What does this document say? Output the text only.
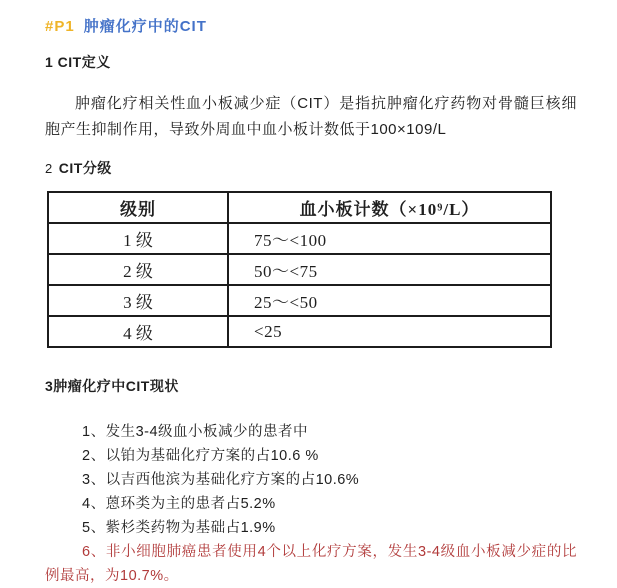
#P1 肿瘤化疗中的CIT
1 CIT定义

肿瘤化疗相关性血小板减少症（CIT）是指抗肿瘤化疗药物对骨髓巨核细胞产生抑制作用，导致外周血中血小板计数低于100×109/L

2 CIT分级
级别	血小板计数（×10⁹/L）
1 级	75～<100
2 级	50～<75
3 级	25～<50
4 级	<25
3肿瘤化疗中CIT现状

1、发生3-4级血小板减少的患者中

2、以铂为基础化疗方案的占10.6 %

3、以吉西他滨为基础化疗方案的占10.6%

4、蒽环类为主的患者占5.2%

5、紫杉类药物为基础占1.9%

6、非小细胞肺癌患者使用4个以上化疗方案，发生3-4级血小板减少症的比例最高，为10.7%。
